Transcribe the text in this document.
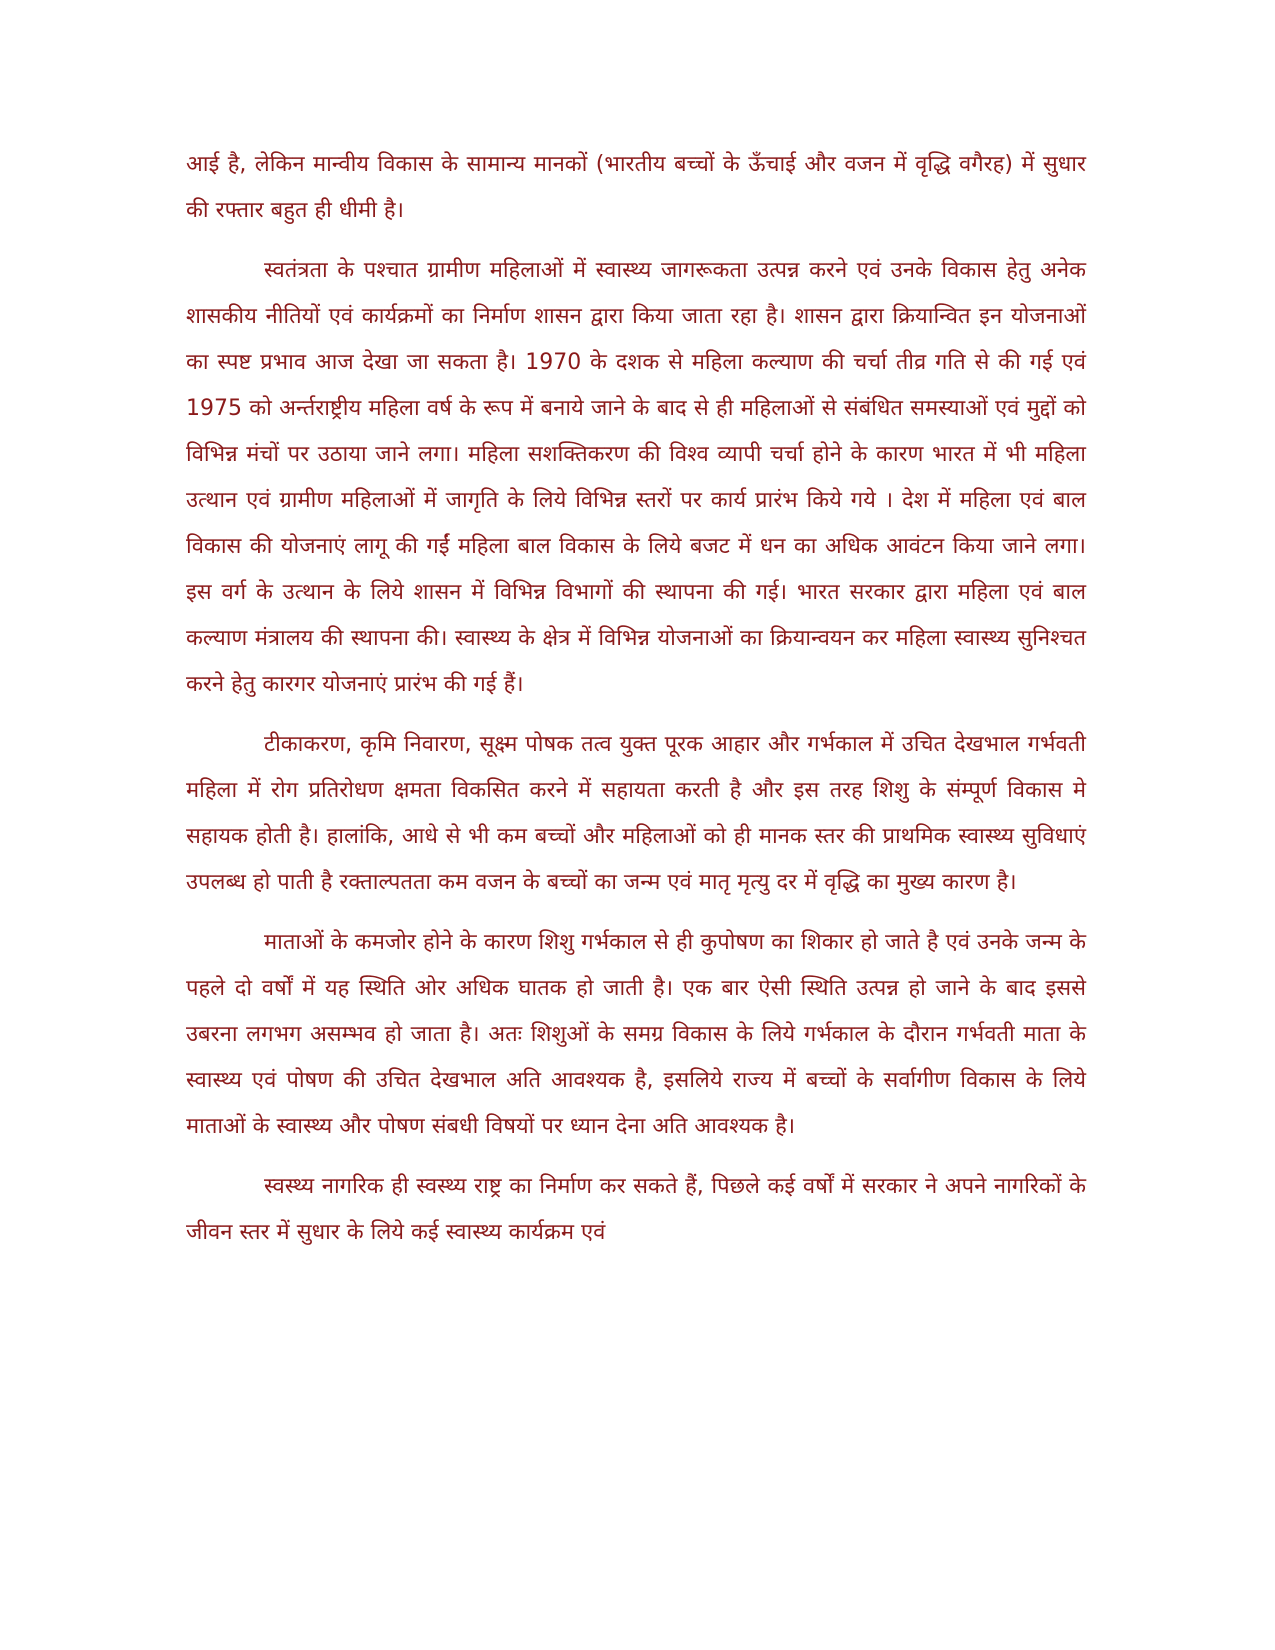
आई है, लेकिन मान्वीय विकास के सामान्य मानकों (भारतीय बच्चों के ऊँचाई और वजन में वृद्धि वगैरह) में सुधार की रफ्तार बहुत ही धीमी है।

स्वतंत्रता के पश्चात ग्रामीण महिलाओं में स्वास्थ्य जागरूकता उत्पन्न करने एवं उनके विकास हेतु अनेक शासकीय नीतियों एवं कार्यक्रमों का निर्माण शासन द्वारा किया जाता रहा है। शासन द्वारा क्रियान्वित इन योजनाओं का स्पष्ट प्रभाव आज देखा जा सकता है। 1970 के दशक से महिला कल्याण की चर्चा तीव्र गति से की गई एवं 1975 को अर्न्तराष्ट्रीय महिला वर्ष के रूप में बनाये जाने के बाद से ही महिलाओं से संबंधित समस्याओं एवं मुद्दों को विभिन्न मंचों पर उठाया जाने लगा। महिला सशक्तिकरण की विश्व व्यापी चर्चा होने के कारण भारत में भी महिला उत्थान एवं ग्रामीण महिलाओं में जागृति के लिये विभिन्न स्तरों पर कार्य प्रारंभ किये गये । देश में महिला एवं बाल विकास की योजनाएं लागू की गईं महिला बाल विकास के लिये बजट में धन का अधिक आवंटन किया जाने लगा। इस वर्ग के उत्थान के लिये शासन में विभिन्न विभागों की स्थापना की गई। भारत सरकार द्वारा महिला एवं बाल कल्याण मंत्रालय की स्थापना की। स्वास्थ्य के क्षेत्र में विभिन्न योजनाओं का क्रियान्वयन कर महिला स्वास्थ्य सुनिश्चत करने हेतु कारगर योजनाएं प्रारंभ की गई हैं।

टीकाकरण, कृमि निवारण, सूक्ष्म पोषक तत्व युक्त पूरक आहार और गर्भकाल में उचित देखभाल गर्भवती महिला में रोग प्रतिरोधण क्षमता विकसित करने में सहायता करती है और इस तरह शिशु के संम्पूर्ण विकास मे सहायक होती है। हालांकि, आधे से भी कम बच्चों और महिलाओं को ही मानक स्तर की प्राथमिक स्वास्थ्य सुविधाएं उपलब्ध हो पाती है रक्ताल्पतता कम वजन के बच्चों का जन्म एवं मातृ मृत्यु दर में वृद्धि का मुख्य कारण है।

माताओं के कमजोर होने के कारण शिशु गर्भकाल से ही कुपोषण का शिकार हो जाते है एवं उनके जन्म के पहले दो वर्षों में यह स्थिति ओर अधिक घातक हो जाती है। एक बार ऐसी स्थिति उत्पन्न हो जाने के बाद इससे उबरना लगभग असम्भव हो जाता है। अतः शिशुओं के समग्र विकास के लिये गर्भकाल के दौरान गर्भवती माता के स्वास्थ्य एवं पोषण की उचित देखभाल अति आवश्यक है, इसलिये राज्य में बच्चों के सर्वागीण विकास के लिये माताओं के स्वास्थ्य और पोषण संबधी विषयों पर ध्यान देना अति आवश्यक है।

स्वस्थ्य नागरिक ही स्वस्थ्य राष्ट्र का निर्माण कर सकते हैं, पिछले कई वर्षों में सरकार ने अपने नागरिकों के जीवन स्तर में सुधार के लिये कई स्वास्थ्य कार्यक्रम एवं
